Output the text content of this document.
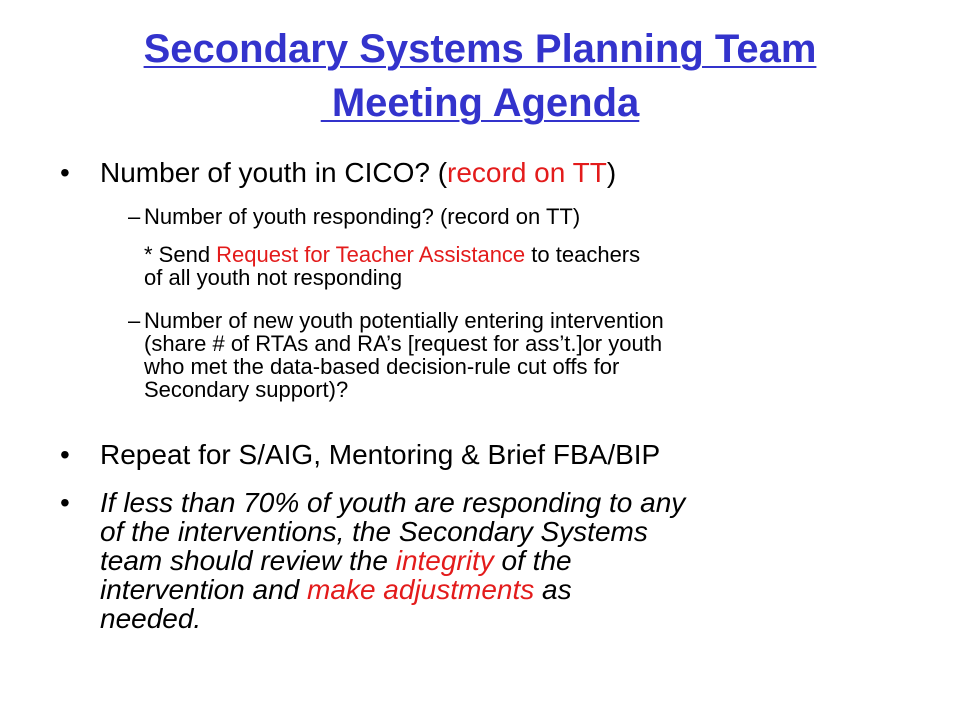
Secondary Systems Planning Team
Meeting Agenda
• Number of youth in CICO? (record on TT)
– Number of youth responding? (record on TT)
* Send Request for Teacher Assistance to teachers
of all youth not responding
– Number of new youth potentially entering intervention
(share # of RTAs and RA’s [request for ass’t.]or youth
who met the data-based decision-rule cut offs for
Secondary support)?
• Repeat for S/AIG, Mentoring & Brief FBA/BIP
• If less than 70% of youth are responding to any
of the interventions, the Secondary Systems
team should review the integrity of the
intervention and make adjustments as
needed.
